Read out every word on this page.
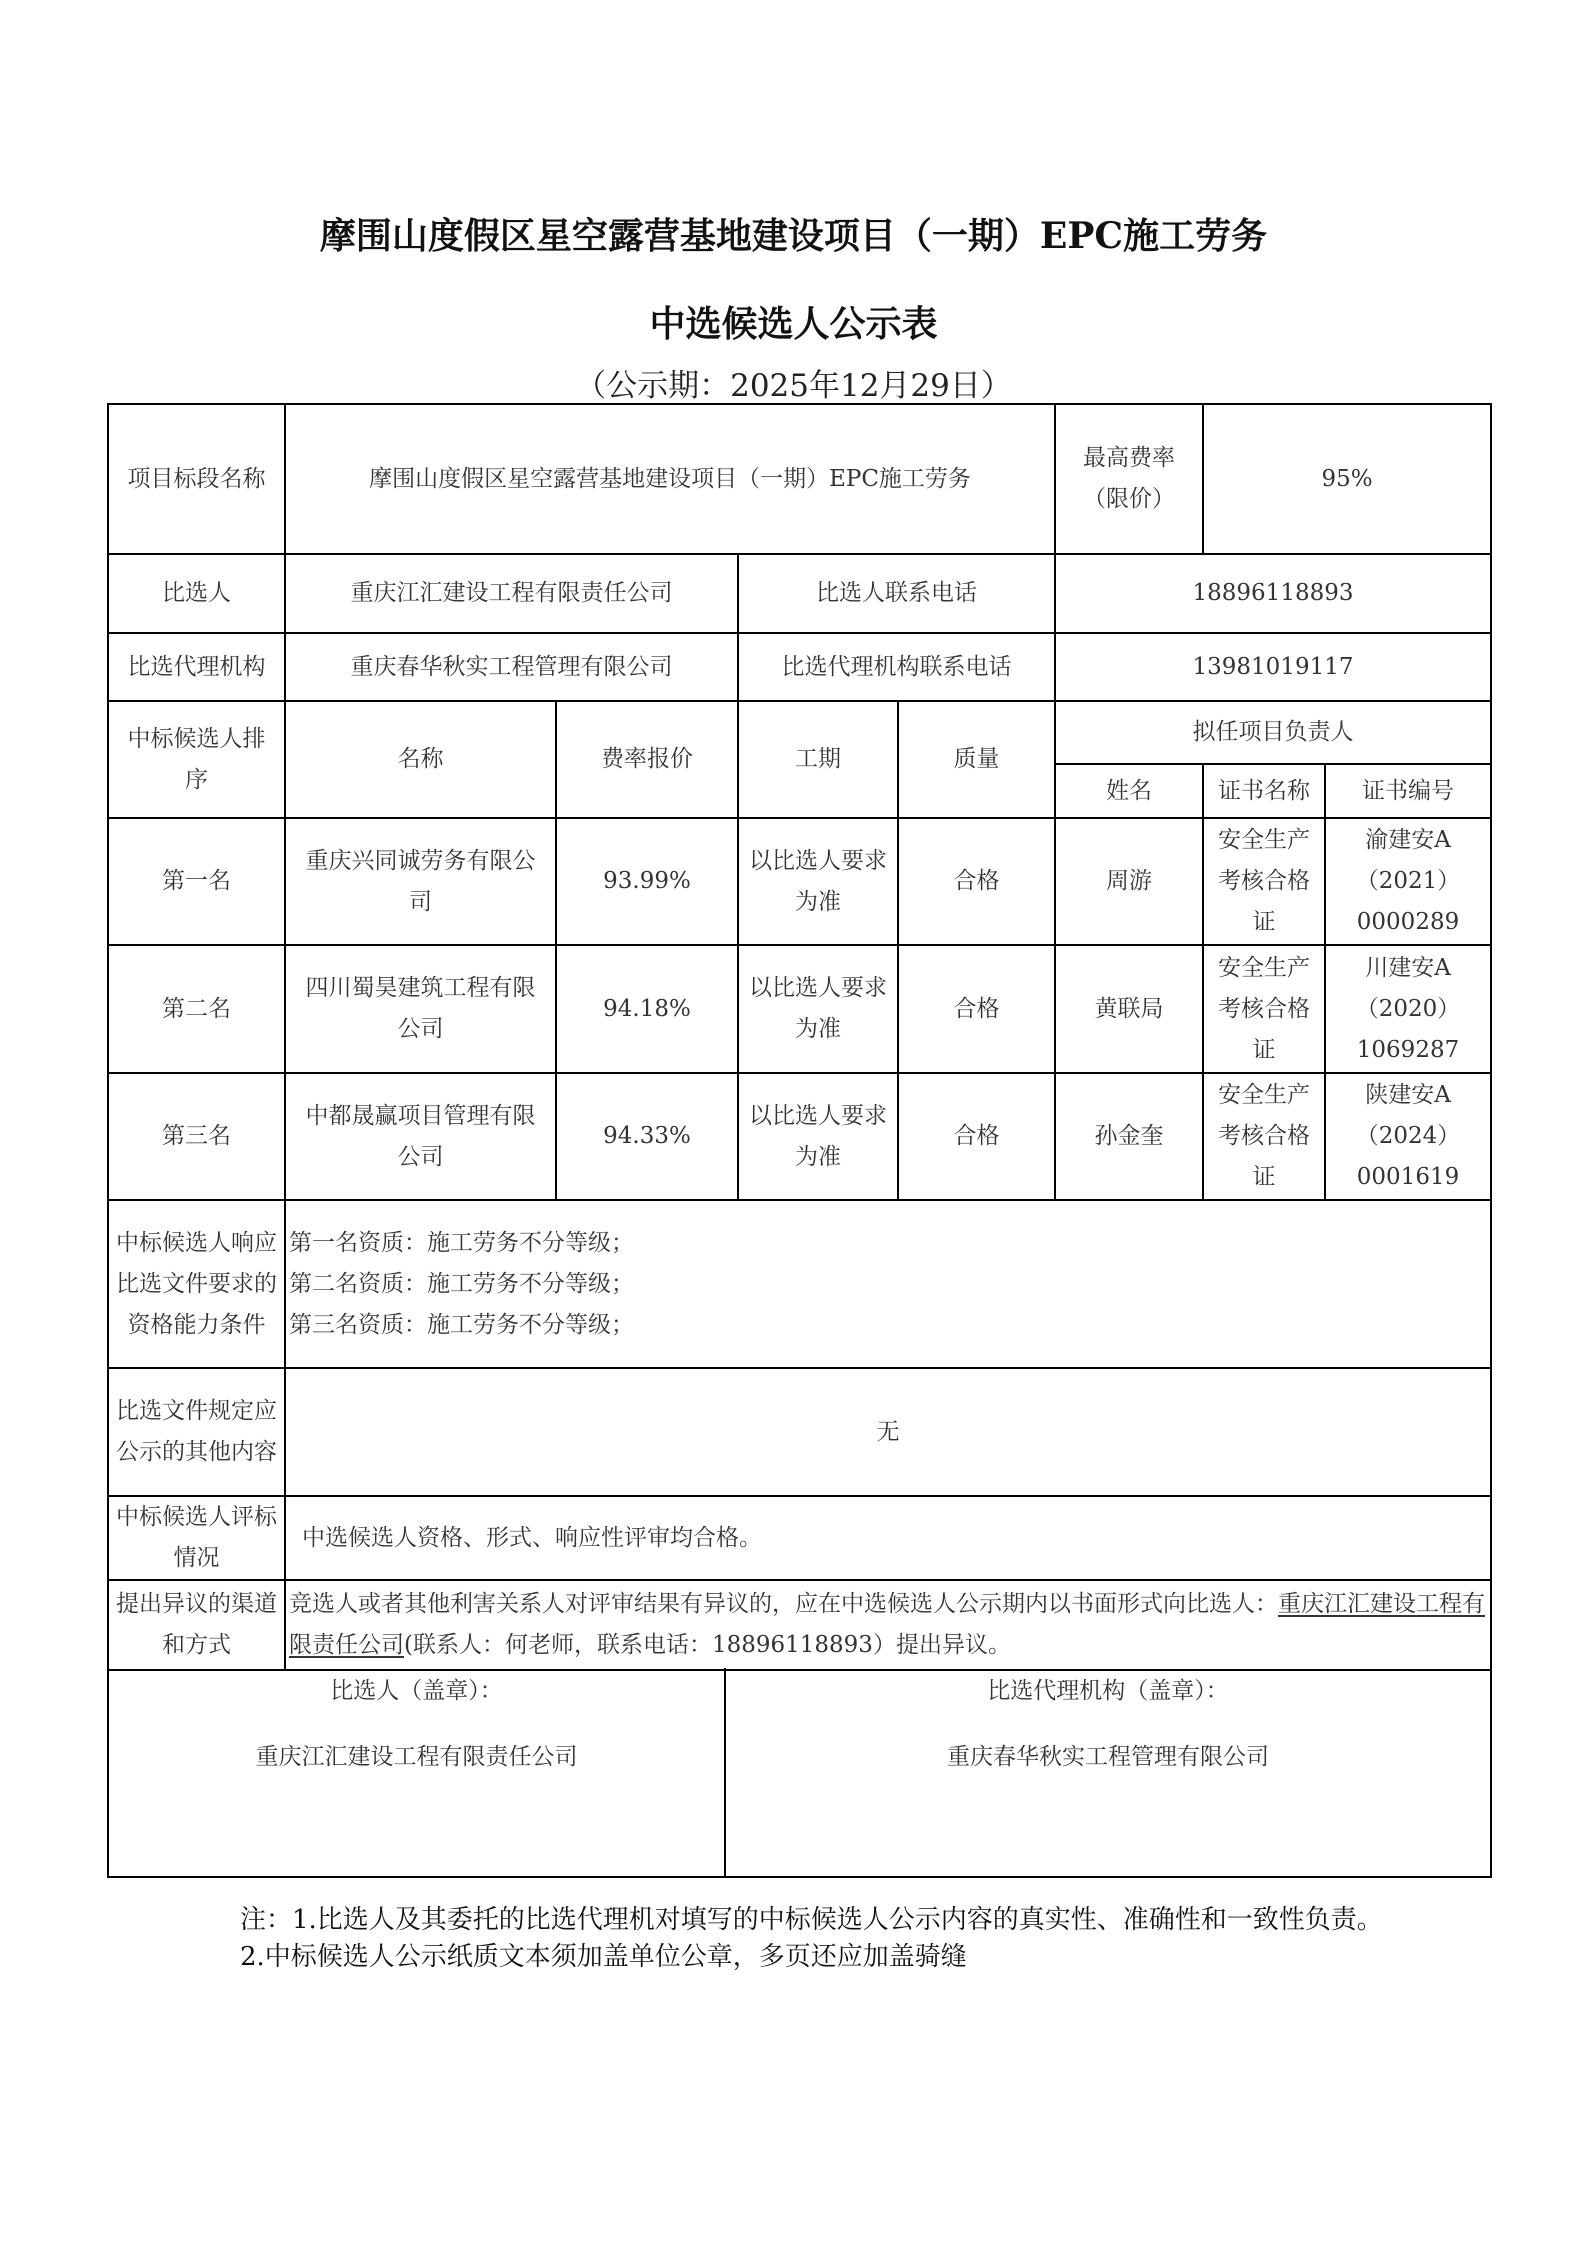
摩围山度假区星空露营基地建设项目（一期）EPC施工劳务
中选候选人公示表
（公示期：2025年12月29日）
项目标段名称	摩围山度假区星空露营基地建设项目（一期）EPC施工劳务				最高费率（限价）	95%	
比选人	重庆江汇建设工程有限责任公司		比选人联系电话		18896118893		
比选代理机构	重庆春华秋实工程管理有限公司		比选代理机构联系电话		13981019117		
中标候选人排序	名称	费率报价	工期	质量	拟任项目负责人		
					姓名	证书名称	证书编号
第一名	重庆兴同诚劳务有限公司	93.99%	以比选人要求为准	合格	周游	安全生产考核合格证	渝建安A（2021）0000289
第二名	四川蜀昊建筑工程有限公司	94.18%	以比选人要求为准	合格	黄联局	安全生产考核合格证	川建安A（2020）1069287
第三名	中都晟赢项目管理有限公司	94.33%	以比选人要求为准	合格	孙金奎	安全生产考核合格证	陕建安A（2024）0001619
中标候选人响应比选文件要求的资格能力条件	第一名资质：施工劳务不分等级；
第二名资质：施工劳务不分等级；
第三名资质：施工劳务不分等级；						

比选文件规定应公示的其他内容	无						
中标候选人评标情况	中选候选人资格、形式、响应性评审均合格。						
提出异议的渠道和方式	竞选人或者其他利害关系人对评审结果有异议的，应在中选候选人公示期内以书面形式向比选人：重庆江汇建设工程有限责任公司(联系人：何老师，联系电话：18896118893）提出异议。						
比选人（盖章）：
重庆江汇建设工程有限责任公司

比选代理机构（盖章）：
重庆春华秋实工程管理有限公司

注：1.比选人及其委托的比选代理机对填写的中标候选人公示内容的真实性、准确性和一致性负责。

2.中标候选人公示纸质文本须加盖单位公章，多页还应加盖骑缝
